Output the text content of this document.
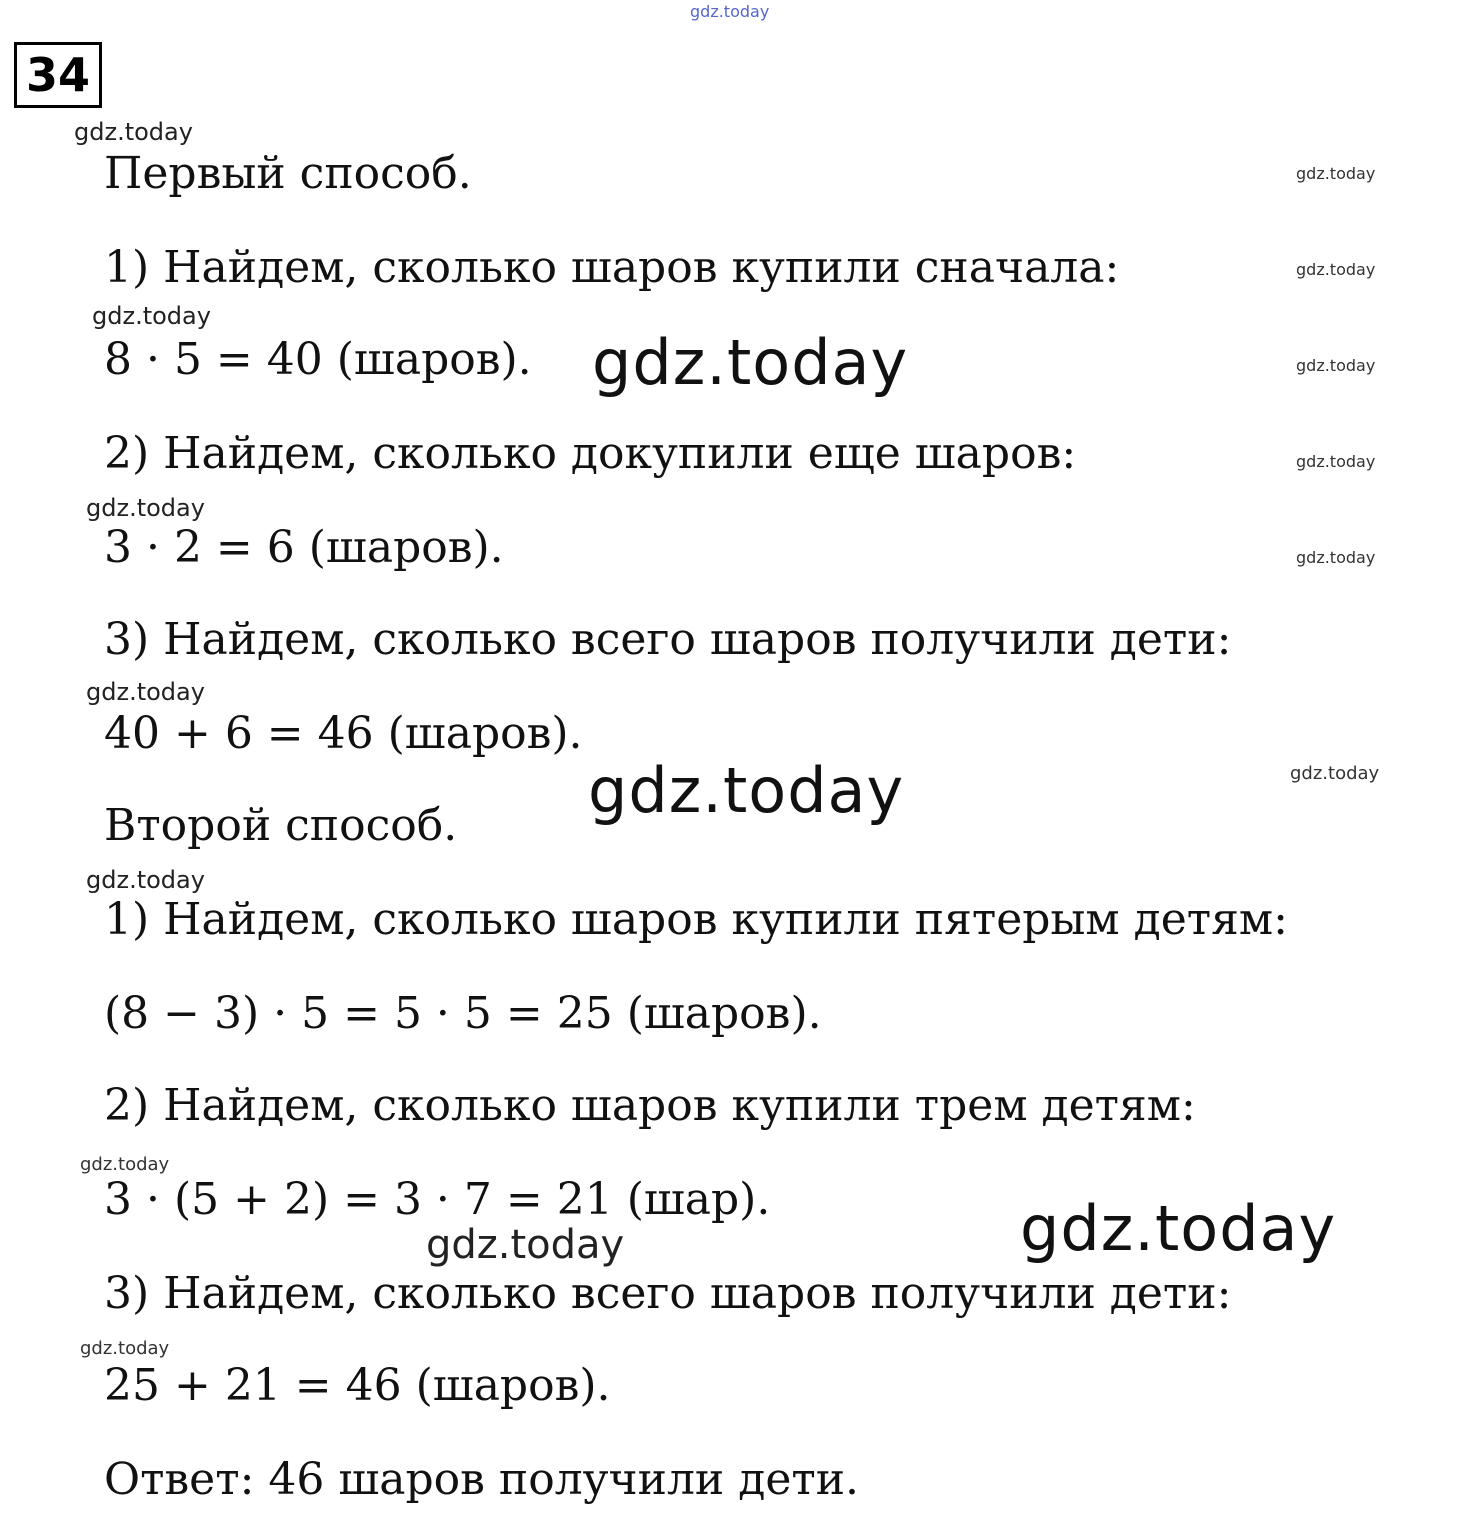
gdz.today
34
gdz.today
Первый способ.	gdz.today
1) Найдем, сколько шаров купили сначала:	gdz.today
gdz.today
8 · 5 = 40 (шаров). gdz.today	gdz.today
2) Найдем, сколько докупили еще шаров:	gdz.today
gdz.today
3 · 2 = 6 (шаров).	gdz.today
3) Найдем, сколько всего шаров получили дети:
gdz.today
40 + 6 = 46 (шаров).
gdz.today
gdz.today
Второй способ.
gdz.today
1) Найдем, сколько шаров купили пятерым детям:
(8 − 3) · 5 = 5 · 5 = 25 (шаров).
2) Найдем, сколько шаров купили трем детям:
gdz.today
3 · (5 + 2) = 3 · 7 = 21 (шар).	gdz.today
gdz.today
3) Найдем, сколько всего шаров получили дети:
gdz.today
25 + 21 = 46 (шаров).
Ответ: 46 шаров получили дети.
